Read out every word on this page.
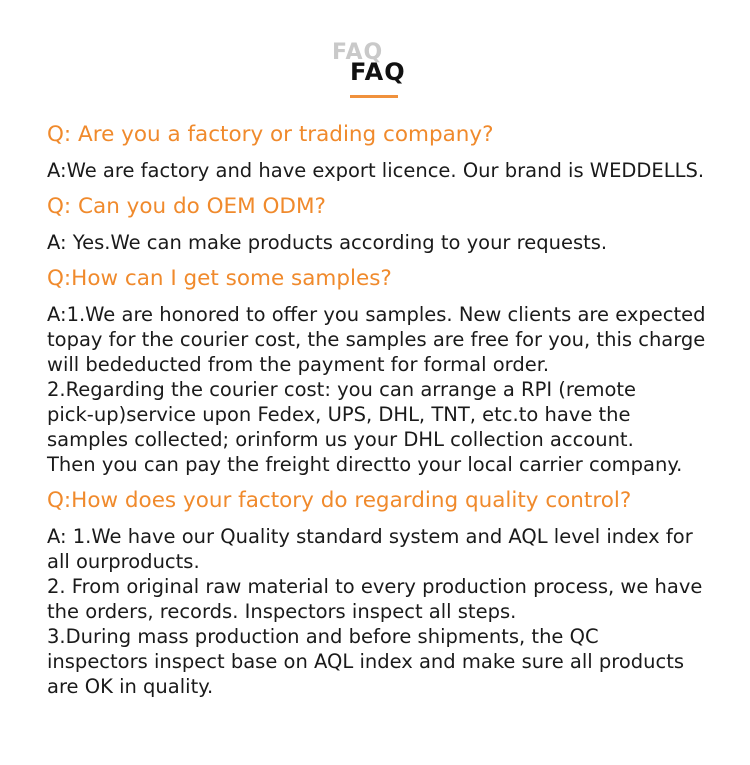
FAQ
FAQ
Q: Are you a factory or trading company?

A:We are factory and have export licence. Our brand is WEDDELLS.

Q: Can you do OEM ODM?

A: Yes.We can make products according to your requests.

Q:How can I get some samples?

A:1.We are honored to offer you samples. New clients are expected

topay for the courier cost, the samples are free for you, this charge

will bededucted from the payment for formal order.

2.Regarding the courier cost: you can arrange a RPI (remote

pick-up)service upon Fedex, UPS, DHL, TNT, etc.to have the

samples collected; orinform us your DHL collection account.

Then you can pay the freight directto your local carrier company.

Q:How does your factory do regarding quality control?

A: 1.We have our Quality standard system and AQL level index for

all ourproducts.

2. From original raw material to every production process, we have

the orders, records. Inspectors inspect all steps.

3.During mass production and before shipments, the QC

inspectors inspect base on AQL index and make sure all products

are OK in quality.
